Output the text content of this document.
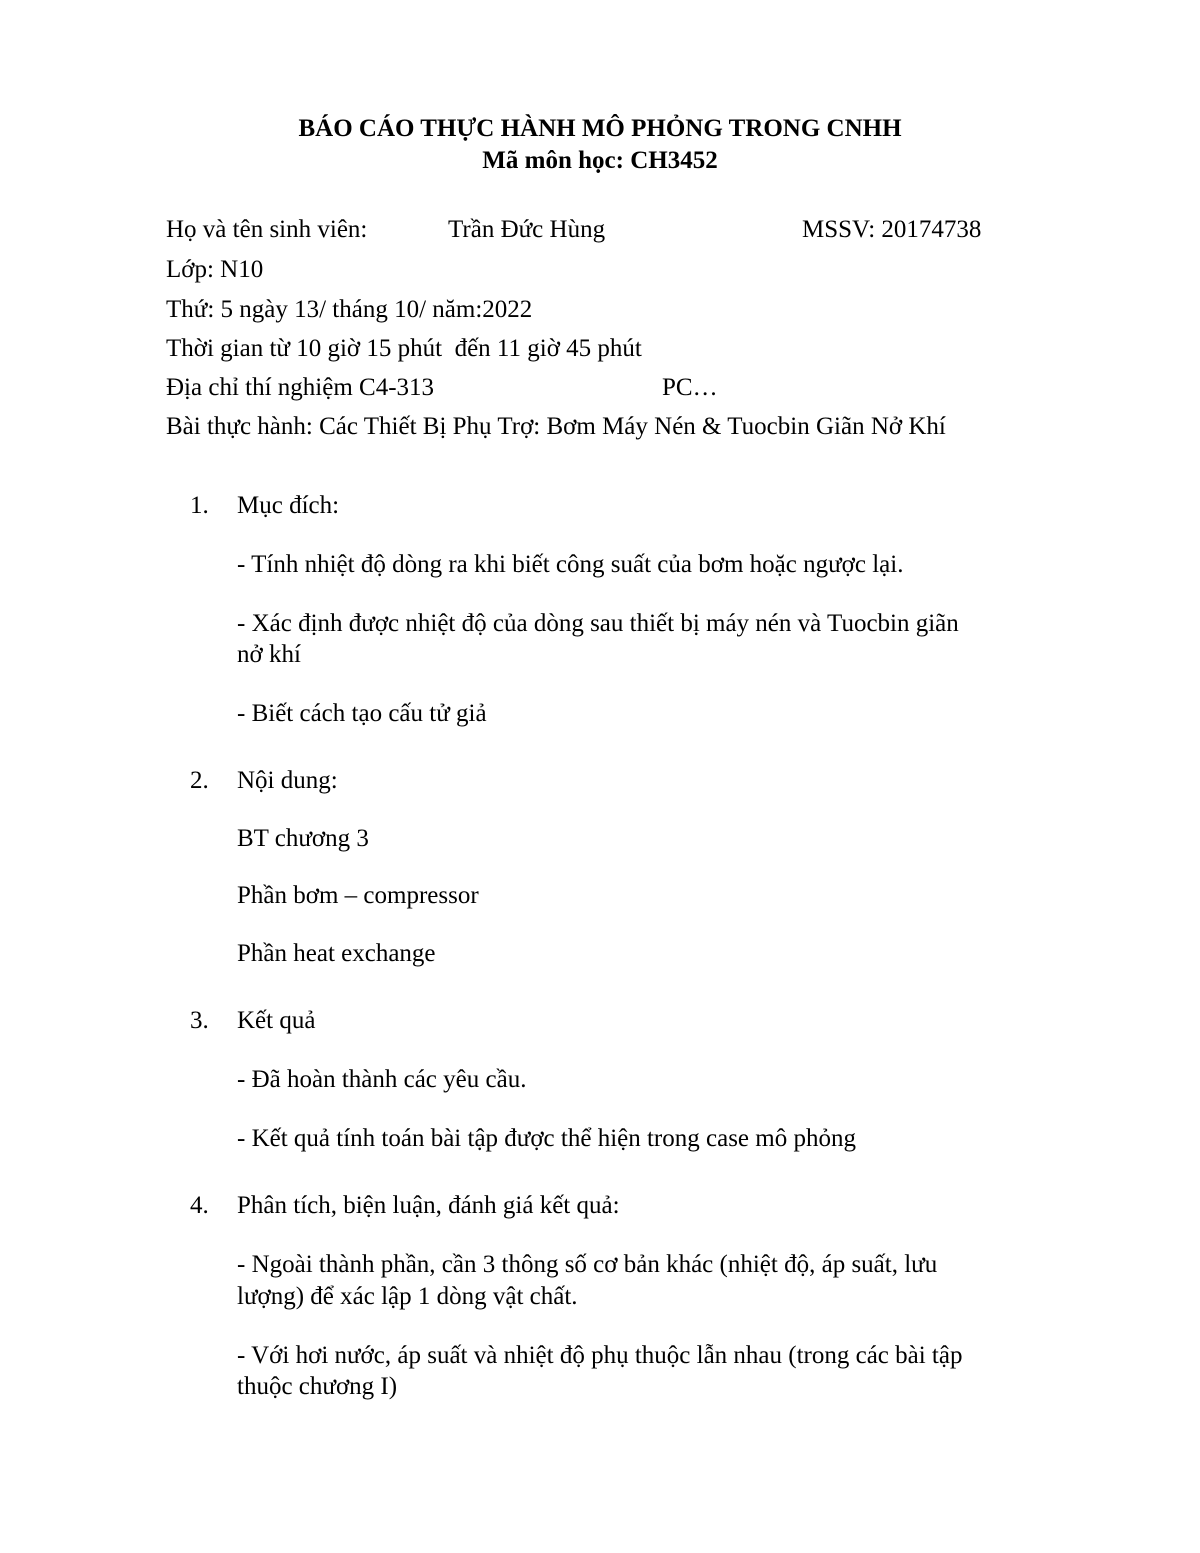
BÁO CÁO THỰC HÀNH MÔ PHỎNG TRONG CNHH
Mã môn học: CH3452
Họ và tên sinh viên:	Trần Đức Hùng	MSSV: 20174738
Lớp: N10
Thứ: 5 ngày 13/ tháng 10/ năm:2022
Thời gian từ 10 giờ 15 phút  đến 11 giờ 45 phút
Địa chỉ thí nghiệm C4-313	PC…
Bài thực hành: Các Thiết Bị Phụ Trợ: Bơm Máy Nén & Tuocbin Giãn Nở Khí
1. Mục đích:
- Tính nhiệt độ dòng ra khi biết công suất của bơm hoặc ngược lại.
- Xác định được nhiệt độ của dòng sau thiết bị máy nén và Tuocbin giãn
nở khí
- Biết cách tạo cấu tử giả
2. Nội dung:
BT chương 3
Phần bơm – compressor
Phần heat exchange
3. Kết quả
- Đã hoàn thành các yêu cầu.
- Kết quả tính toán bài tập được thể hiện trong case mô phỏng
4. Phân tích, biện luận, đánh giá kết quả:
- Ngoài thành phần, cần 3 thông số cơ bản khác (nhiệt độ, áp suất, lưu
lượng) để xác lập 1 dòng vật chất.
- Với hơi nước, áp suất và nhiệt độ phụ thuộc lẫn nhau (trong các bài tập
thuộc chương I)
